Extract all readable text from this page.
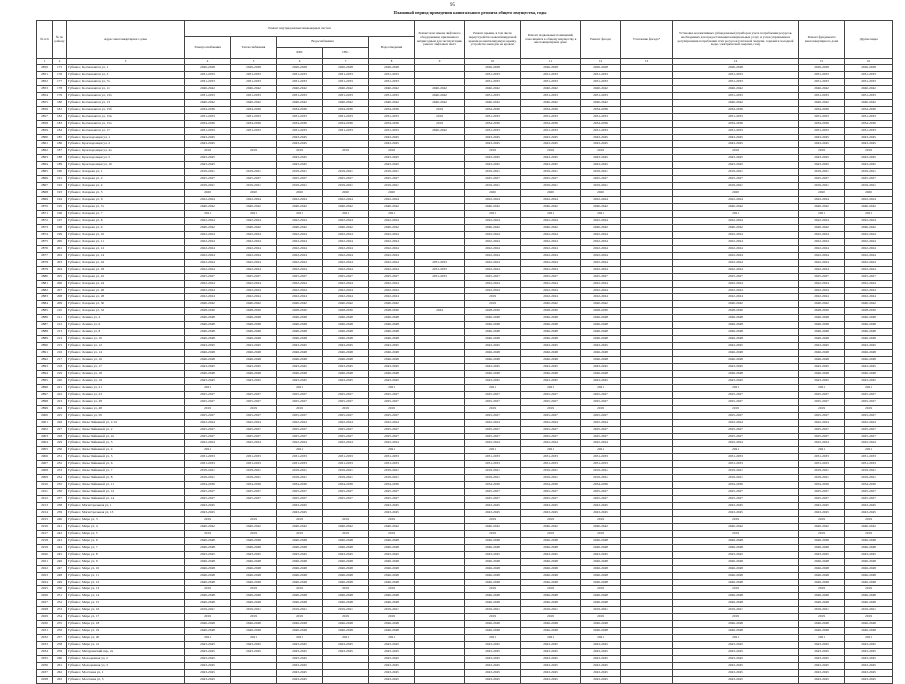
95
Плановый период проведения капитального ремонта общего имущества, годы
№ п/п	№ по району	Адрес многоквартирного дома	Ремонт внутридомовых инженерных систем					Ремонт или замена лифтового оборудования, признанного непригодным для эксплуатации, ремонт лифтовых шахт	Ремонт крыши, в том числе переустройство невентилируемой крыши на вентилируемую крышу, устройство выходов на кровлю	Ремонт подвальных помещений, относящихся к общему имуществу в многоквартирном доме	Ремонт фасада	Утепление фасада*	Установка коллективных (общедомовых) приборов учета потребления ресурсов, необходимых для предоставления коммунальных услуг, и узлов управления и регулирования потребления этих ресурсов (тепловой энергии, горячей и холодной воды, электрической энергии, газа)	Ремонт фундамента многоквартирного дома	Другие виды
			Электроснабжения	Теплоснабжения	Водоснабжения		Водоотведения								
					ХВС	ГВС									
1	2	3	4	5	6	7	8	9	10	11	12	13	14	15	16
2850	175	Губкин г, Космонавтов ул, 1	2026-2028	2026-2028	2026-2028	2026-2028	2026-2028		2026-2028	2026-2028	2026-2028		2026-2028	2026-2028	2026-2028
2851	176	Губкин г, Космонавтов ул, 3	2031-2033	2031-2033	2031-2033	2031-2033	2031-2033		2031-2033	2031-2033	2031-2033		2031-2033	2031-2033	2031-2033
2852	177	Губкин г, Космонавтов ул, 7а	2031-2033	2031-2033	2031-2033	2031-2033	2031-2033		2031-2033	2031-2033	2031-2033		2031-2033	2031-2033	2031-2033
2853	178	Губкин г, Космонавтов ул, 11	2040-2042	2040-2042	2040-2042	2040-2042	2040-2042	2040-2042	2040-2042	2040-2042	2040-2042		2040-2042	2040-2042	2040-2042
2854	179	Губкин г, Космонавтов ул, 13а	2031-2033	2031-2033	2031-2033	2031-2033	2031-2033	2040-2042	2031-2033	2031-2033	2031-2033		2031-2033	2031-2033	2031-2033
2855	180	Губкин г, Космонавтов ул, 13	2040-2042	2040-2042	2040-2042	2040-2042	2040-2042	2040-2042	2040-2042	2040-2042	2040-2042		2040-2042	2040-2042	2040-2042
2856	181	Губкин г, Космонавтов ул, 15б	2034-2036	2034-2036	2034-2036	2034-2036	2034-2036	2019	2034-2036	2034-2036	2034-2036		2034-2036	2034-2036	2034-2036
2857	182	Губкин г, Космонавтов ул, 15в	2031-2033	2031-2033	2031-2033	2031-2033	2031-2033	2019	2031-2033	2031-2033	2031-2033		2031-2033	2031-2033	2031-2033
2858	183	Губкин г, Космонавтов ул, 15а	2034-2036	2034-2036	2034-2036	2034-2036	2034-2036	2019	2034-2036	2034-2036	2034-2036		2034-2036	2034-2036	2034-2036
2859	184	Губкин г, Космонавтов ул, 17	2031-2033	2031-2033	2031-2033	2031-2033	2031-2033	2040-2042	2031-2033	2031-2033	2031-2033		2031-2033	2031-2033	2031-2033
2860	185	Губкин г, Краснодонцев ул, 1	2043-2045		2043-2045		2043-2045		2043-2045	2043-2045	2043-2045		2043-2045	2043-2045	2043-2045
2861	186	Губкин г, Краснодонцев ул, 2	2043-2045		2043-2045		2043-2045		2043-2045	2043-2045	2043-2045		2043-2045	2043-2045	2043-2045
2862	187	Губкин г, Краснодонцев ул, 4а	2019	2019	2019	2019	2019		2019	2019	2019		2019	2019	2019
2863	188	Губкин г, Краснодонцев ул, 5	2043-2045		2043-2045		2043-2045		2043-2045	2043-2045	2043-2045		2043-2045	2043-2045	2043-2045
2864	189	Губкин г, Краснодонцев ул, 10	2043-2045		2043-2045		2043-2045		2043-2045	2043-2045	2043-2045		2043-2045	2043-2045	2043-2045
2865	190	Губкин г, Лазарева ул, 1	2019-2021	2019-2021	2019-2021	2019-2021	2019-2021		2019-2021	2019-2021	2019-2021		2019-2021	2019-2021	2019-2021
2866	191	Губкин г, Лазарева ул, 2	2025-2027	2025-2027	2025-2027	2025-2027	2025-2027		2025-2027	2025-2027	2025-2027		2025-2027	2025-2027	2025-2027
2867	192	Губкин г, Лазарева ул, 4	2019-2021	2019-2021	2019-2021	2019-2021	2019-2021		2019-2021	2019-2021	2019-2021		2019-2021	2019-2021	2019-2021
2868	193	Губкин г, Лазарева ул, 5	2020	2020	2020	2020	2020		2020	2020	2020		2020	2020	2020
2869	194	Губкин г, Лазарева ул, 6	2022-2024	2022-2024	2022-2024	2022-2024	2022-2024		2022-2024	2022-2024	2022-2024		2022-2024	2022-2024	2022-2024
2870	195	Губкин г, Лазарева ул, 7а	2040-2042	2040-2042	2040-2042	2040-2042	2040-2042		2040-2042	2040-2042	2040-2042		2040-2042	2040-2042	2040-2042
2871	196	Губкин г, Лазарева ул, 7	2021	2021	2021	2021	2021		2021	2021	2021		2021	2021	2021
2872	197	Губкин г, Лазарева ул, 8	2022-2024	2022-2024	2022-2024	2022-2024	2022-2024		2022-2024	2022-2024	2022-2024		2022-2024	2022-2024	2022-2024
2873	198	Губкин г, Лазарева ул, 9	2040-2042	2040-2042	2040-2042	2040-2042	2040-2042		2040-2042	2040-2042	2040-2042		2040-2042	2040-2042	2040-2042
2874	199	Губкин г, Лазарева ул, 10	2022-2024	2022-2024	2022-2024	2022-2024	2022-2024		2022-2024	2022-2024	2022-2024		2022-2024	2022-2024	2022-2024
2875	200	Губкин г, Лазарева ул, 11	2022-2024	2022-2024	2022-2024	2022-2024	2022-2024		2022-2024	2022-2024	2022-2024		2022-2024	2022-2024	2022-2024
2876	201	Губкин г, Лазарева ул, 12	2022-2024	2022-2024	2022-2024	2022-2024	2022-2024		2022-2024	2022-2024	2022-2024		2022-2024	2022-2024	2022-2024
2877	202	Губкин г, Лазарева ул, 14	2022-2024	2022-2024	2022-2024	2022-2024	2022-2024		2022-2024	2022-2024	2022-2024		2022-2024	2022-2024	2022-2024
2878	203	Губкин г, Лазарева ул, 16	2022-2024	2022-2024	2022-2024	2022-2024	2022-2024	2031-2033	2022-2024	2022-2024	2022-2024		2022-2024	2022-2024	2022-2024
2879	204	Губкин г, Лазарева ул, 18	2022-2024	2022-2024	2022-2024	2022-2024	2022-2024	2031-2033	2022-2024	2022-2024	2022-2024		2022-2024	2022-2024	2022-2024
2880	205	Губкин г, Лазарева ул, 22	2025-2027	2025-2027	2025-2027	2025-2027	2025-2027	2031-2033	2025-2027	2025-2027	2025-2027		2025-2027	2025-2027	2025-2027
2881	206	Губкин г, Лазарева ул, 24	2022-2024	2022-2024	2022-2024	2022-2024	2022-2024		2022-2024	2022-2024	2022-2024		2022-2024	2022-2024	2022-2024
2882	207	Губкин г, Лазарева ул, 26	2022-2024	2022-2024	2022-2024	2022-2024	2022-2024		2022-2024	2022-2024	2022-2024		2022-2024	2022-2024	2022-2024
2883	208	Губкин г, Лазарева ул, 28	2022-2024	2022-2024	2022-2024	2022-2024	2022-2024		2019	2022-2024	2022-2024		2022-2024	2022-2024	2022-2024
2884	209	Губкин г, Лазарева ул, 30	2040-2042	2040-2042	2040-2042	2040-2042	2040-2042		2019	2040-2042	2040-2042		2040-2042	2040-2042	2040-2042
2885	210	Губкин г, Лазарева ул, 32	2028-2030	2028-2030	2028-2030	2028-2030	2028-2030	2034	2028-2030	2028-2030	2028-2030		2028-2030	2028-2030	2028-2030
2886	211	Губкин г, Ленина ул, 4	2046-2048	2046-2048	2046-2048	2046-2048	2046-2048		2046-2048	2046-2048	2046-2048		2046-2048	2046-2048	2046-2048
2887	212	Губкин г, Ленина ул, 6	2046-2048	2046-2048	2046-2048	2046-2048	2046-2048		2046-2048	2046-2048	2046-2048		2046-2048	2046-2048	2046-2048
2888	213	Губкин г, Ленина ул, 8	2046-2048	2046-2048	2046-2048	2046-2048	2046-2048		2046-2048	2046-2048	2046-2048		2046-2048	2046-2048	2046-2048
2889	214	Губкин г, Ленина ул, 10	2046-2048	2046-2048	2046-2048	2046-2048	2046-2048		2046-2048	2046-2048	2046-2048		2046-2048	2046-2048	2046-2048
2890	215	Губкин г, Ленина ул, 12	2043-2045	2043-2045	2043-2045	2043-2045	2043-2045		2043-2045	2043-2045	2043-2045		2043-2045	2043-2045	2043-2045
2891	216	Губкин г, Ленина ул, 14	2046-2048	2046-2048	2046-2048	2046-2048	2046-2048		2046-2048	2046-2048	2046-2048		2046-2048	2046-2048	2046-2048
2892	217	Губкин г, Ленина ул, 16	2046-2048	2046-2048	2046-2048	2046-2048	2046-2048		2046-2048	2046-2048	2046-2048		2046-2048	2046-2048	2046-2048
2893	218	Губкин г, Ленина ул, 17	2043-2045	2043-2045	2043-2045	2043-2045	2043-2045		2043-2045	2043-2045	2043-2045		2043-2045	2043-2045	2043-2045
2894	219	Губкин г, Ленина ул, 18	2046-2048	2046-2048	2046-2048	2046-2048	2046-2048		2046-2048	2046-2048	2046-2048		2046-2048	2046-2048	2046-2048
2895	220	Губкин г, Ленина ул, 19	2043-2045	2043-2045	2043-2045	2043-2045	2043-2045		2043-2045	2043-2045	2043-2045		2043-2045	2043-2045	2043-2045
2896	221	Губкин г, Ленина ул, 21	2021		2021		2021		2021	2021	2021		2021	2021	2021
2897	222	Губкин г, Ленина ул, 23	2025-2027	2025-2027	2025-2027	2025-2027	2025-2027		2025-2027	2025-2027	2025-2027		2025-2027	2025-2027	2025-2027
2898	223	Губкин г, Ленина ул, 28	2025-2027	2025-2027	2025-2027	2025-2027	2025-2027		2025-2027	2025-2027	2025-2027		2025-2027	2025-2027	2025-2027
2899	224	Губкин г, Ленина ул, 48	2019	2019	2019	2019	2019		2019	2019	2019		2019	2019	2019
2900	225	Губкин г, Ленина ул, 50	2025-2027	2025-2027	2025-2027	2025-2027	2025-2027		2025-2027	2025-2027	2025-2027		2025-2027	2025-2027	2025-2027
2901	226	Губкин г, Лизы Чайкиной ул, 1/14	2022-2024	2022-2024	2022-2024	2022-2024	2022-2024		2022-2024	2022-2024	2022-2024		2022-2024	2022-2024	2022-2024
2902	227	Губкин г, Лизы Чайкиной ул, 2	2025-2027	2025-2027	2025-2027	2025-2027	2025-2027		2025-2027	2025-2027	2025-2027		2025-2027	2025-2027	2025-2027
2903	228	Губкин г, Лизы Чайкиной ул, 2а	2025-2027	2025-2027	2025-2027	2025-2027	2025-2027		2025-2027	2025-2027	2025-2027		2025-2027	2025-2027	2025-2027
2904	229	Губкин г, Лизы Чайкиной ул, 3	2022-2024	2022-2024	2022-2024	2022-2024	2022-2024		2022-2024	2022-2024	2022-2024		2022-2024	2022-2024	2022-2024
2905	230	Губкин г, Лизы Чайкиной ул, 4	2021		2021		2021		2021	2021	2021		2021	2021	2021
2906	231	Губкин г, Лизы Чайкиной ул, 5	2031-2033	2031-2033	2031-2033	2031-2033	2031-2033		2031-2033	2031-2033	2031-2033		2031-2033	2031-2033	2031-2033
2907	232	Губкин г, Лизы Чайкиной ул, 6	2031-2033	2031-2033	2031-2033	2031-2033	2031-2033		2031-2033	2031-2033	2031-2033		2031-2033	2031-2033	2031-2033
2908	233	Губкин г, Лизы Чайкиной ул, 7	2019-2021	2019-2021	2019-2021	2019-2021	2019-2021		2019-2021	2019-2021	2019-2021		2019-2021	2019-2021	2019-2021
2909	234	Губкин г, Лизы Чайкиной ул, 8	2019-2021	2019-2021	2019-2021	2019-2021	2019-2021		2019-2021	2019-2021	2019-2021		2019-2021	2019-2021	2019-2021
2910	235	Губкин г, Лизы Чайкиной ул, 11	2034-2036	2034-2036	2034-2036	2034-2036	2034-2036		2034-2036	2034-2036	2034-2036		2034-2036	2034-2036	2034-2036
2911	236	Губкин г, Лизы Чайкиной ул, 12	2025-2027	2025-2027	2025-2027	2025-2027	2025-2027		2025-2027	2025-2027	2025-2027		2025-2027	2025-2027	2025-2027
2912	237	Губкин г, Лизы Чайкиной ул, 14	2025-2027	2025-2027	2025-2027	2025-2027	2025-2027		2025-2027	2025-2027	2025-2027		2025-2027	2025-2027	2025-2027
2913	238	Губкин г, Магистральная ул, 1	2043-2045		2043-2045		2043-2045		2043-2045	2043-2045	2043-2045		2043-2045	2043-2045	2043-2045
2914	239	Губкин г, Магистральная ул, 13	2043-2045		2043-2045		2043-2045		2043-2045	2043-2045	2043-2045		2043-2045	2043-2045	2043-2045
2915	240	Губкин г, Мира ул, 3	2019	2019	2019	2019	2019		2019	2019	2019		2019	2019	2019
2916	241	Губкин г, Мира ул, 4	2040-2042	2040-2042	2040-2042	2040-2042	2040-2042		2040-2042	2040-2042	2040-2042		2040-2042	2040-2042	2040-2042
2917	242	Губкин г, Мира ул, 5	2019	2019	2019	2019	2019		2019	2019	2019		2019	2019	2019
2918	243	Губкин г, Мира ул, 6	2046-2048	2046-2048	2046-2048	2046-2048	2046-2048		2046-2048	2046-2048	2046-2048		2046-2048	2046-2048	2046-2048
2919	244	Губкин г, Мира ул, 7	2046-2048	2046-2048	2046-2048	2046-2048	2046-2048		2046-2048	2046-2048	2046-2048		2046-2048	2046-2048	2046-2048
2920	245	Губкин г, Мира ул, 8	2043-2045	2043-2045	2043-2045	2043-2045	2043-2045		2043-2045	2043-2045	2043-2045		2043-2045	2043-2045	2043-2045
2921	246	Губкин г, Мира ул, 9	2046-2048	2046-2048	2046-2048	2046-2048	2046-2048		2046-2048	2046-2048	2046-2048		2046-2048	2046-2048	2046-2048
2922	247	Губкин г, Мира ул, 10	2046-2048	2046-2048	2046-2048	2046-2048	2046-2048		2046-2048	2046-2048	2046-2048		2046-2048	2046-2048	2046-2048
2923	248	Губкин г, Мира ул, 11	2046-2048	2046-2048	2046-2048	2046-2048	2046-2048		2046-2048	2046-2048	2046-2048		2046-2048	2046-2048	2046-2048
2924	249	Губкин г, Мира ул, 12	2046-2048	2046-2048	2046-2048	2046-2048	2046-2048		2046-2048	2046-2048	2046-2048		2046-2048	2046-2048	2046-2048
2925	250	Губкин г, Мира ул, 13	2019	2019	2019	2019	2019		2019	2019	2019		2019	2019	2019
2926	251	Губкин г, Мира ул, 14	2046-2048	2046-2048	2046-2048	2046-2048	2046-2048		2046-2048	2046-2048	2046-2048		2046-2048	2046-2048	2046-2048
2927	252	Губкин г, Мира ул, 15	2046-2048	2046-2048	2046-2048	2046-2048	2046-2048		2046-2048	2046-2048	2046-2048		2046-2048	2046-2048	2046-2048
2928	253	Губкин г, Мира ул, 16	2019-2021	2019-2021	2019-2021	2019-2021	2019-2021		2019-2021	2019-2021	2019-2021		2019-2021	2019-2021	2019-2021
2929	254	Губкин г, Мира ул, 17	2019	2019	2019	2019	2019		2019	2019	2019		2019	2019	2019
2930	255	Губкин г, Мира ул, 18	2046-2048	2046-2048	2046-2048	2046-2048	2046-2048		2046-2048	2046-2048	2046-2048		2046-2048	2046-2048	2046-2048
2931	256	Губкин г, Мира ул, 19	2046-2048	2046-2048	2046-2048	2046-2048	2046-2048		2046-2048	2046-2048	2046-2048		2046-2048	2046-2048	2046-2048
2932	257	Губкин г, Мира ул, 20	2021	2021	2021	2021	2021		2021	2021	2021		2021	2021	2021
2933	258	Губкин г, Мира ул, 21	2043-2045	2043-2045	2043-2045	2043-2045	2043-2045		2043-2045	2043-2045	2043-2045		2043-2045	2043-2045	2043-2045
2934	259	Губкин г, Мичуринский пер, 2а	2043-2045	2043-2045	2043-2045	2043-2045	2043-2045		2043-2045	2043-2045	2043-2045		2043-2045	2043-2045	2043-2045
2935	260	Губкин г, Молодежная ул, 2	2043-2045		2043-2045		2043-2045		2043-2045	2043-2045	2043-2045		2043-2045	2043-2045	2043-2045
2936	261	Губкин г, Молодежная ул, 3	2043-2045		2043-2045		2043-2045		2043-2045	2043-2045	2043-2045		2043-2045	2043-2045	2043-2045
2937	262	Губкин г, Мостовая ул, 1	2043-2045		2043-2045		2043-2045		2043-2045	2043-2045	2043-2045		2043-2045	2043-2045	2043-2045
2938	263	Губкин г, Мостовая ул, 3	2043-2045		2043-2045		2043-2045		2043-2045	2043-2045	2043-2045		2043-2045	2043-2045	2043-2045
